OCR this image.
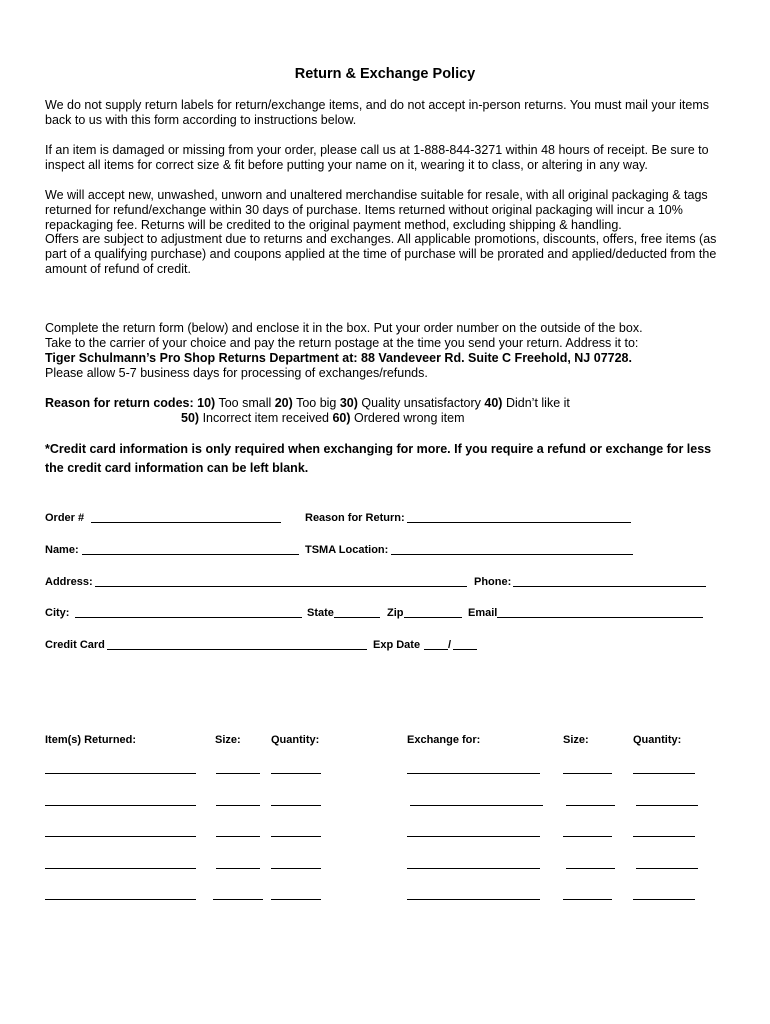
Return & Exchange Policy
We do not supply return labels for return/exchange items, and do not accept in-person returns. You must mail your items
back to us with this form according to instructions below.
If an item is damaged or missing from your order, please call us at 1-888-844-3271 within 48 hours of receipt. Be sure to
inspect all items for correct size & fit before putting your name on it, wearing it to class, or altering in any way.
We will accept new, unwashed, unworn and unaltered merchandise suitable for resale, with all original packaging & tags
returned for refund/exchange within 30 days of purchase. Items returned without original packaging will incur a 10%
repackaging fee. Returns will be credited to the original payment method, excluding shipping & handling.
Offers are subject to adjustment due to returns and exchanges. All applicable promotions, discounts, offers, free items (as
part of a qualifying purchase) and coupons applied at the time of purchase will be prorated and applied/deducted from the
amount of refund of credit.
Complete the return form (below) and enclose it in the box. Put your order number on the outside of the box.
Take to the carrier of your choice and pay the return postage at the time you send your return. Address it to:
Tiger Schulmann’s Pro Shop Returns Department at: 88 Vandeveer Rd. Suite C Freehold, NJ 07728.
Please allow 5-7 business days for processing of exchanges/refunds.
Reason for return codes: 10) Too small 20) Too big 30) Quality unsatisfactory 40) Didn’t like it
50) Incorrect item received 60) Ordered wrong item
*Credit card information is only required when exchanging for more. If you require a refund or exchange for less
the credit card information can be left blank.
Order #	Reason for Return:
Name:	TSMA Location:
Address:	Phone:
City:	State	Zip	Email
Credit Card	Exp Date	/
Item(s) Returned:	Size:	Quantity:	Exchange for:	Size:	Quantity:
